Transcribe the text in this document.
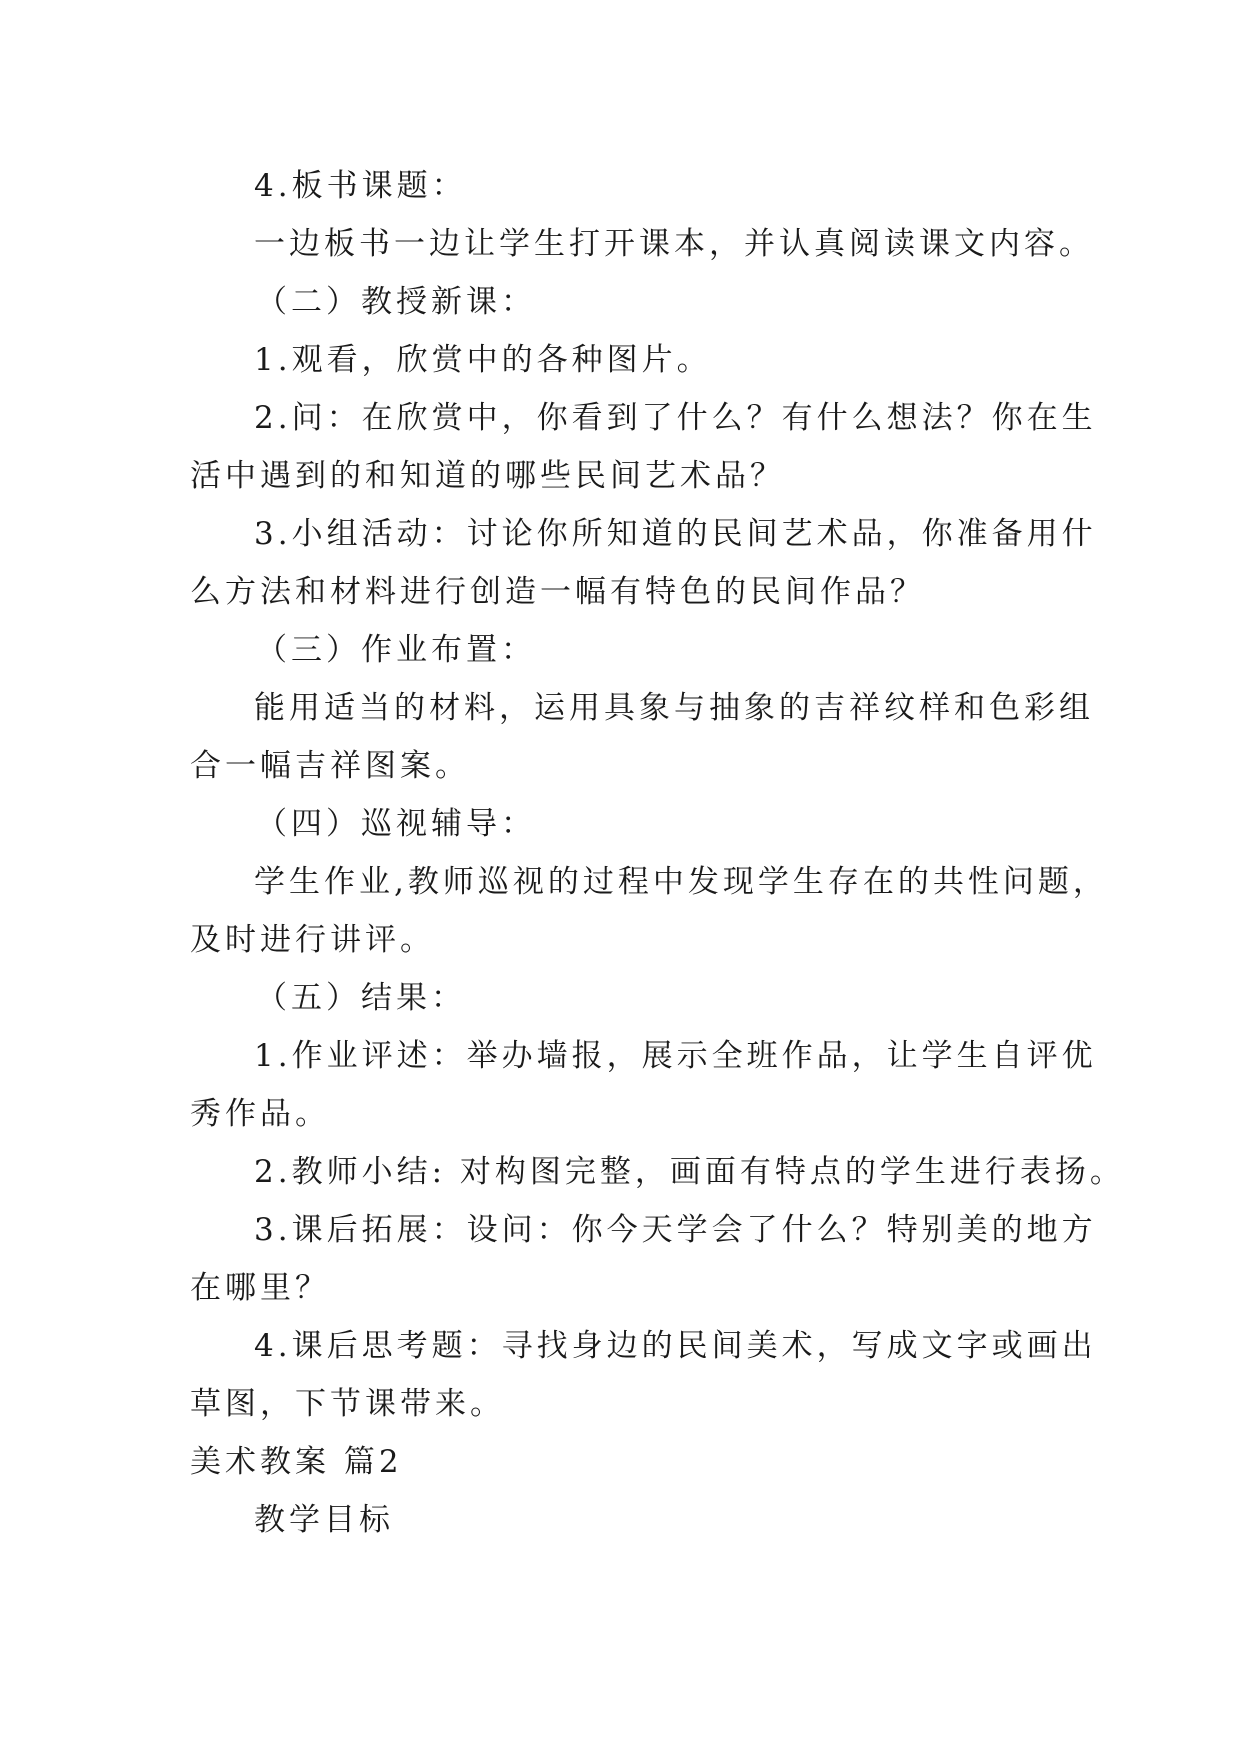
4.板书课题：
一边板书一边让学生打开课本，并认真阅读课文内容。
（二）教授新课：
1.观看，欣赏中的各种图片。
2.问：在欣赏中，你看到了什么？有什么想法？你在生
活中遇到的和知道的哪些民间艺术品？
3.小组活动：讨论你所知道的民间艺术品，你准备用什
么方法和材料进行创造一幅有特色的民间作品？
（三）作业布置：
能用适当的材料，运用具象与抽象的吉祥纹样和色彩组
合一幅吉祥图案。
（四）巡视辅导：
学生作业,教师巡视的过程中发现学生存在的共性问题，
及时进行讲评。
（五）结果：
1.作业评述：举办墙报，展示全班作品，让学生自评优
秀作品。
2.教师小结: 对构图完整，画面有特点的学生进行表扬。
3.课后拓展：设问：你今天学会了什么？特别美的地方
在哪里？
4.课后思考题：寻找身边的民间美术，写成文字或画出
草图，下节课带来。
美术教案 篇2
教学目标
